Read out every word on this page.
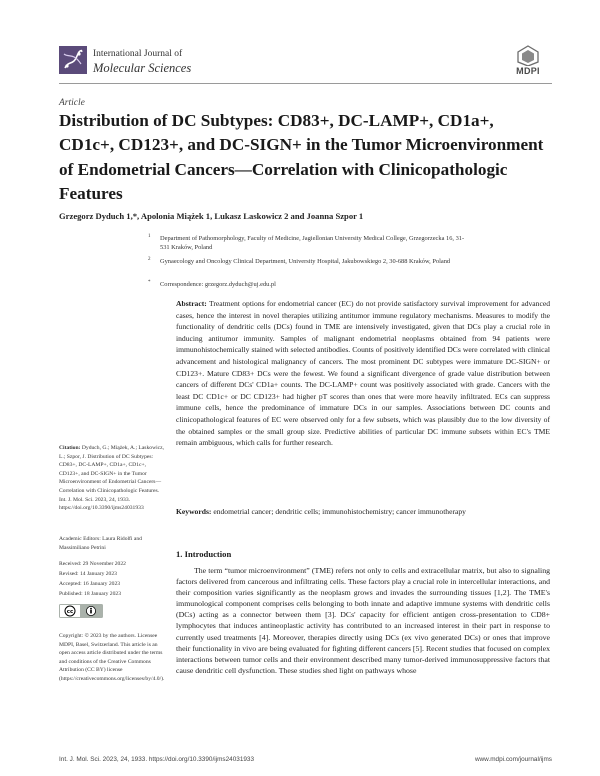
International Journal of
Molecular Sciences	MDPI
Article
Distribution of DC Subtypes: CD83+, DC-LAMP+, CD1a+, CD1c+, CD123+, and DC-SIGN+ in the Tumor Microenvironment of Endometrial Cancers—Correlation with Clinicopathologic Features
Grzegorz Dyduch 1,*, Apolonia Miążek 1, Lukasz Laskowicz 2 and Joanna Szpor 1
1 Department of Pathomorphology, Faculty of Medicine, Jagiellonian University Medical College, Grzegorzecka 16, 31-531 Kraków, Poland
2 Gynaecology and Oncology Clinical Department, University Hospital, Jakubowskiego 2, 30-688 Kraków, Poland
* Correspondence: grzegorz.dyduch@uj.edu.pl
Abstract: Treatment options for endometrial cancer (EC) do not provide satisfactory survival improvement for advanced cases, hence the interest in novel therapies utilizing antitumor immune regulatory mechanisms. Measures to modify the functionality of dendritic cells (DCs) found in TME are intensively investigated, given that DCs play a crucial role in inducing antitumor immunity. Samples of malignant endometrial neoplasms obtained from 94 patients were immunohistochemically stained with selected antibodies. Counts of positively identified DCs were correlated with clinical advancement and histological malignancy of cancers. The most prominent DC subtypes were immature DC-SIGN+ or CD123+. Mature CD83+ DCs were the fewest. We found a significant divergence of grade value distribution between cancers of different DCs' CD1a+ counts. The DC-LAMP+ count was positively associated with grade. Cancers with the least DC CD1c+ or DC CD123+ had higher pT scores than ones that were more heavily infiltrated. ECs can suppress immune cells, hence the predominance of immature DCs in our samples. Associations between DC counts and clinicopathological features of EC were observed only for a few subsets, which was plausibly due to the low diversity of the obtained samples or the small group size. Predictive abilities of particular DC immune subsets within EC's TME remain ambiguous, which calls for further research.
Keywords: endometrial cancer; dendritic cells; immunohistochemistry; cancer immunotherapy
Citation: Dyduch, G.; Miążek, A.; Laskowicz, L.; Szpor, J. Distribution of DC Subtypes: CD83+, DC-LAMP+, CD1a+, CD1c+, CD123+, and DC-SIGN+ in the Tumor Microenvironment of Endometrial Cancers—Correlation with Clinicopathologic Features. Int. J. Mol. Sci. 2023, 24, 1933. https://doi.org/10.3390/ijms24031933
Academic Editors: Laura Ridolfi and Massimiliano Petrini
Received: 29 November 2022
Revised: 14 January 2023
Accepted: 16 January 2023
Published: 18 January 2023
cc
Copyright: © 2023 by the authors. Licensee MDPI, Basel, Switzerland. This article is an open access article distributed under the terms and conditions of the Creative Commons Attribution (CC BY) license (https://creativecommons.org/licenses/by/4.0/).
1. Introduction
The term “tumor microenvironment” (TME) refers not only to cells and extracellular matrix, but also to signaling factors delivered from cancerous and infiltrating cells. These factors play a crucial role in intercellular interactions, and their composition varies significantly as the neoplasm grows and invades the surrounding tissues [1,2]. The TME's immunological component comprises cells belonging to both innate and adaptive immune systems with dendritic cells (DCs) acting as a connector between them [3]. DCs' capacity for efficient antigen cross-presentation to CD8+ lymphocytes that induces antineoplastic activity has contributed to an increased interest in their part in response to currently used treatments [4]. Moreover, therapies directly using DCs (ex vivo generated DCs) or ones that improve their functionality in vivo are being evaluated for fighting different cancers [5]. Recent studies that focused on complex interactions between tumor cells and their environment described many tumor-derived immunosuppressive factors that cause dendritic cell dysfunction. These studies shed light on pathways whose
Int. J. Mol. Sci. 2023, 24, 1933. https://doi.org/10.3390/ijms24031933	www.mdpi.com/journal/ijms
